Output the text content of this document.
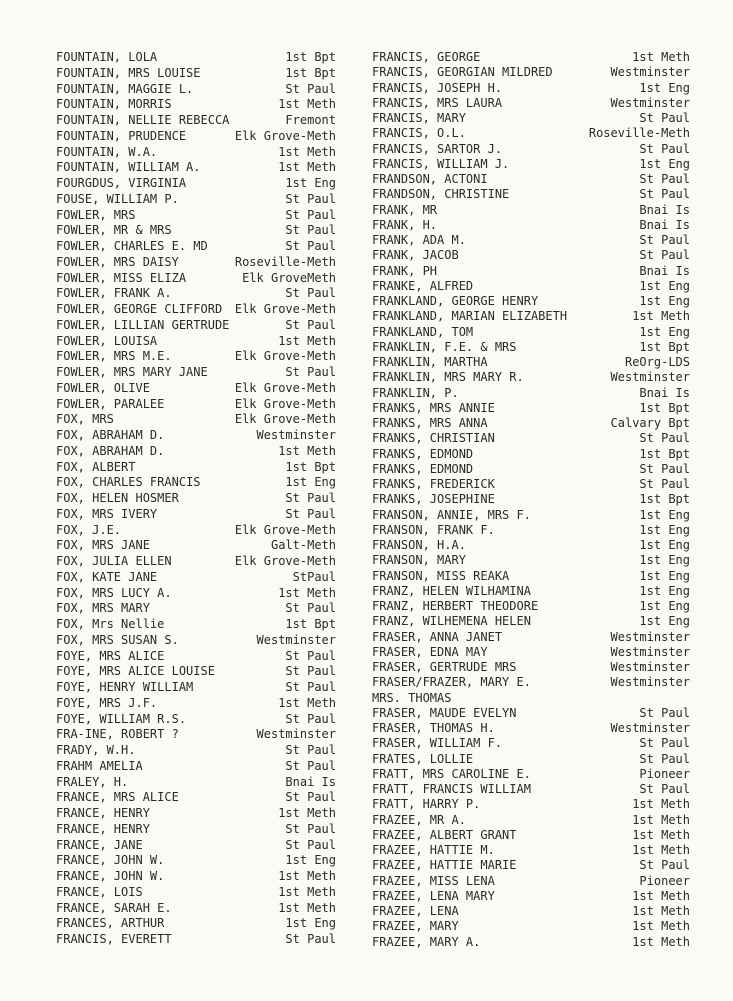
FOUNTAIN, LOLA	1st Bpt
FOUNTAIN, MRS LOUISE	1st Bpt
FOUNTAIN, MAGGIE L.	St Paul
FOUNTAIN, MORRIS	1st Meth
FOUNTAIN, NELLIE REBECCA	Fremont
FOUNTAIN, PRUDENCE	Elk Grove-Meth
FOUNTAIN, W.A.	1st Meth
FOUNTAIN, WILLIAM A.	1st Meth
FOURGDUS, VIRGINIA	1st Eng
FOUSE, WILLIAM P.	St Paul
FOWLER, MRS	St Paul
FOWLER, MR & MRS	St Paul
FOWLER, CHARLES E. MD	St Paul
FOWLER, MRS DAISY	Roseville-Meth
FOWLER, MISS ELIZA	Elk GroveMeth
FOWLER, FRANK A.	St Paul
FOWLER, GEORGE CLIFFORD Elk Grove-Meth
FOWLER, LILLIAN GERTRUDE	St Paul
FOWLER, LOUISA	1st Meth
FOWLER, MRS M.E.	Elk Grove-Meth
FOWLER, MRS MARY JANE	St Paul
FOWLER, OLIVE	Elk Grove-Meth
FOWLER, PARALEE	Elk Grove-Meth
FOX, MRS	Elk Grove-Meth
FOX, ABRAHAM D.	Westminster
FOX, ABRAHAM D.	1st Meth
FOX, ALBERT	1st Bpt
FOX, CHARLES FRANCIS	1st Eng
FOX, HELEN HOSMER	St Paul
FOX, MRS IVERY	St Paul
FOX, J.E.	Elk Grove-Meth
FOX, MRS JANE	Galt-Meth
FOX, JULIA ELLEN	Elk Grove-Meth
FOX, KATE JANE	StPaul
FOX, MRS LUCY A.	1st Meth
FOX, MRS MARY	St Paul
FOX, Mrs Nellie	1st Bpt
FOX, MRS SUSAN S.	Westminster
FOYE, MRS ALICE	St Paul
FOYE, MRS ALICE LOUISE	St Paul
FOYE, HENRY WILLIAM	St Paul
FOYE, MRS J.F.	1st Meth
FOYE, WILLIAM R.S.	St Paul
FRA-INE, ROBERT ?	Westminster
FRADY, W.H.	St Paul
FRAHM AMELIA	St Paul
FRALEY, H.	Bnai Is
FRANCE, MRS ALICE	St Paul
FRANCE, HENRY	1st Meth
FRANCE, HENRY	St Paul
FRANCE, JANE	St Paul
FRANCE, JOHN W.	1st Eng
FRANCE, JOHN W.	1st Meth
FRANCE, LOIS	1st Meth
FRANCE, SARAH E.	1st Meth
FRANCES, ARTHUR	1st Eng
FRANCIS, EVERETT	St Paul
FRANCIS, GEORGE	1st Meth
FRANCIS, GEORGIAN MILDRED	Westminster
FRANCIS, JOSEPH H.	1st Eng
FRANCIS, MRS LAURA	Westminster
FRANCIS, MARY	St Paul
FRANCIS, O.L.	Roseville-Meth
FRANCIS, SARTOR J.	St Paul
FRANCIS, WILLIAM J.	1st Eng
FRANDSON, ACTONI	St Paul
FRANDSON, CHRISTINE	St Paul
FRANK, MR	Bnai Is
FRANK, H.	Bnai Is
FRANK, ADA M.	St Paul
FRANK, JACOB	St Paul
FRANK, PH	Bnai Is
FRANKE, ALFRED	1st Eng
FRANKLAND, GEORGE HENRY	1st Eng
FRANKLAND, MARIAN ELIZABETH	1st Meth
FRANKLAND, TOM	1st Eng
FRANKLIN, F.E. & MRS	1st Bpt
FRANKLIN, MARTHA	ReOrg-LDS
FRANKLIN, MRS MARY R.	Westminster
FRANKLIN, P.	Bnai Is
FRANKS, MRS ANNIE	1st Bpt
FRANKS, MRS ANNA	Calvary Bpt
FRANKS, CHRISTIAN	St Paul
FRANKS, EDMOND	1st Bpt
FRANKS, EDMOND	St Paul
FRANKS, FREDERICK	St Paul
FRANKS, JOSEPHINE	1st Bpt
FRANSON, ANNIE, MRS F.	1st Eng
FRANSON, FRANK F.	1st Eng
FRANSON, H.A.	1st Eng
FRANSON, MARY	1st Eng
FRANSON, MISS REAKA	1st Eng
FRANZ, HELEN WILHAMINA	1st Eng
FRANZ, HERBERT THEODORE	1st Eng
FRANZ, WILHEMENA HELEN	1st Eng
FRASER, ANNA JANET	Westminster
FRASER, EDNA MAY	Westminster
FRASER, GERTRUDE MRS	Westminster
FRASER/FRAZER, MARY E.	Westminster
MRS. THOMAS
FRASER, MAUDE EVELYN	St Paul
FRASER, THOMAS H.	Westminster
FRASER, WILLIAM F.	St Paul
FRATES, LOLLIE	St Paul
FRATT, MRS CAROLINE E.	Pioneer
FRATT, FRANCIS WILLIAM	St Paul
FRATT, HARRY P.	1st Meth
FRAZEE, MR A.	1st Meth
FRAZEE, ALBERT GRANT	1st Meth
FRAZEE, HATTIE M.	1st Meth
FRAZEE, HATTIE MARIE	St Paul
FRAZEE, MISS LENA	Pioneer
FRAZEE, LENA MARY	1st Meth
FRAZEE, LENA	1st Meth
FRAZEE, MARY	1st Meth
FRAZEE, MARY A.	1st Meth
